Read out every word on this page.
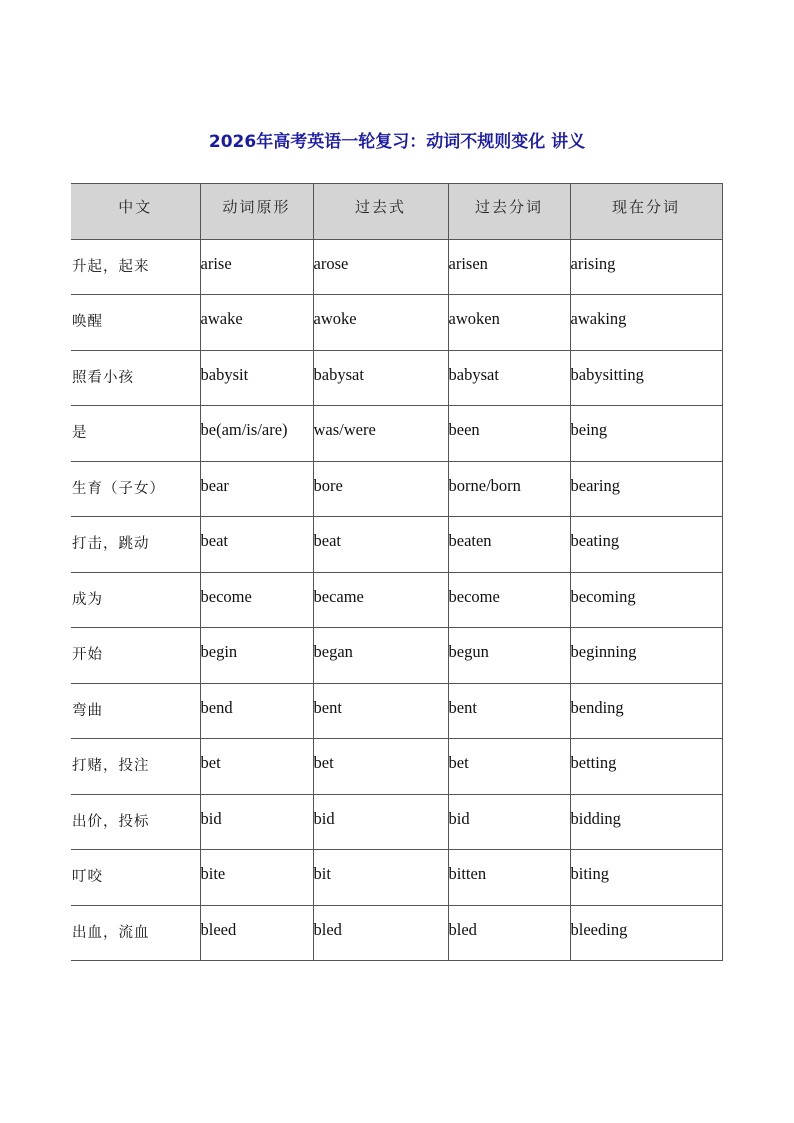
2026年高考英语一轮复习：动词不规则变化 讲义
中文	动词原形	过去式	过去分词	现在分词
升起，起来	arise	arose	arisen	arising
唤醒	awake	awoke	awoken	awaking
照看小孩	babysit	babysat	babysat	babysitting
是	be(am/is/are)	was/were	been	being
生育（子女）	bear	bore	borne/born	bearing
打击，跳动	beat	beat	beaten	beating
成为	become	became	become	becoming
开始	begin	began	begun	beginning
弯曲	bend	bent	bent	bending
打赌，投注	bet	bet	bet	betting
出价，投标	bid	bid	bid	bidding
叮咬	bite	bit	bitten	biting
出血，流血	bleed	bled	bled	bleeding
